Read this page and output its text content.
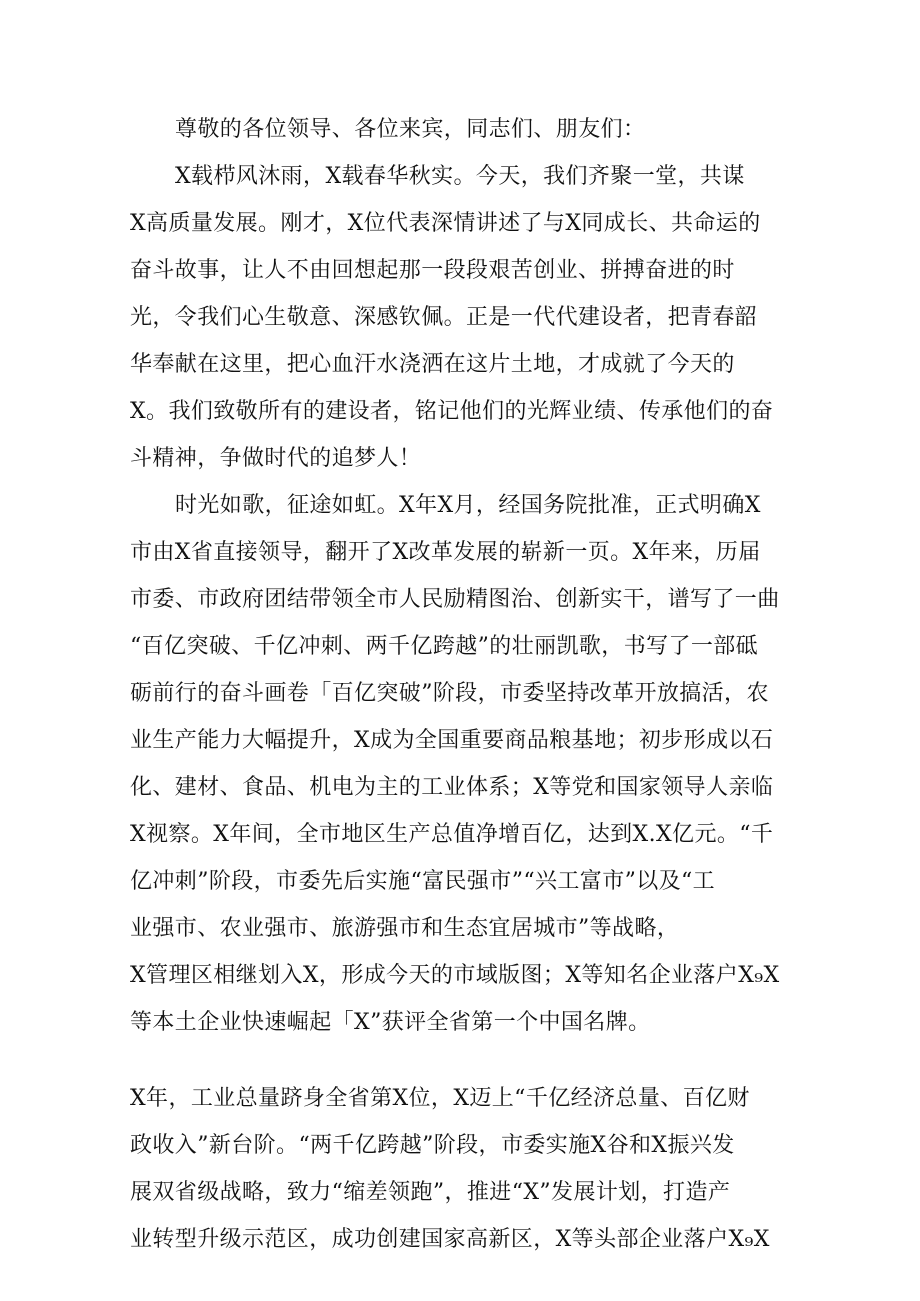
尊敬的各位领导、各位来宾，同志们、朋友们：
X载栉风沐雨，X载春华秋实。今天，我们齐聚一堂，共谋
X高质量发展。刚才，X位代表深情讲述了与X同成长、共命运的
奋斗故事，让人不由回想起那一段段艰苦创业、拼搏奋进的时
光，令我们心生敬意、深感钦佩。正是一代代建设者，把青春韶
华奉献在这里，把心血汗水浇洒在这片土地，才成就了今天的
X。我们致敬所有的建设者，铭记他们的光辉业绩、传承他们的奋
斗精神，争做时代的追梦人！
时光如歌，征途如虹。X年X月，经国务院批准，正式明确X
市由X省直接领导，翻开了X改革发展的崭新一页。X年来，历届
市委、市政府团结带领全市人民励精图治、创新实干，谱写了一曲
“百亿突破、千亿冲刺、两千亿跨越”的壮丽凯歌，书写了一部砥
砺前行的奋斗画卷「百亿突破”阶段，市委坚持改革开放搞活，农
业生产能力大幅提升，X成为全国重要商品粮基地；初步形成以石
化、建材、食品、机电为主的工业体系；X等党和国家领导人亲临
X视察。X年间，全市地区生产总值净增百亿，达到X.X亿元。“千
亿冲刺”阶段，市委先后实施“富民强市”“兴工富市”以及“工
业强市、农业强市、旅游强市和生态宜居城市”等战略，
X管理区相继划入X，形成今天的市域版图；X等知名企业落户X₉X
等本土企业快速崛起「X”获评全省第一个中国名牌。
X年，工业总量跻身全省第X位，X迈上“千亿经济总量、百亿财
政收入”新台阶。“两千亿跨越”阶段，市委实施X谷和X振兴发
展双省级战略，致力“缩差领跑”，推进“X”发展计划，打造产
业转型升级示范区，成功创建国家高新区，X等头部企业落户X₉X
